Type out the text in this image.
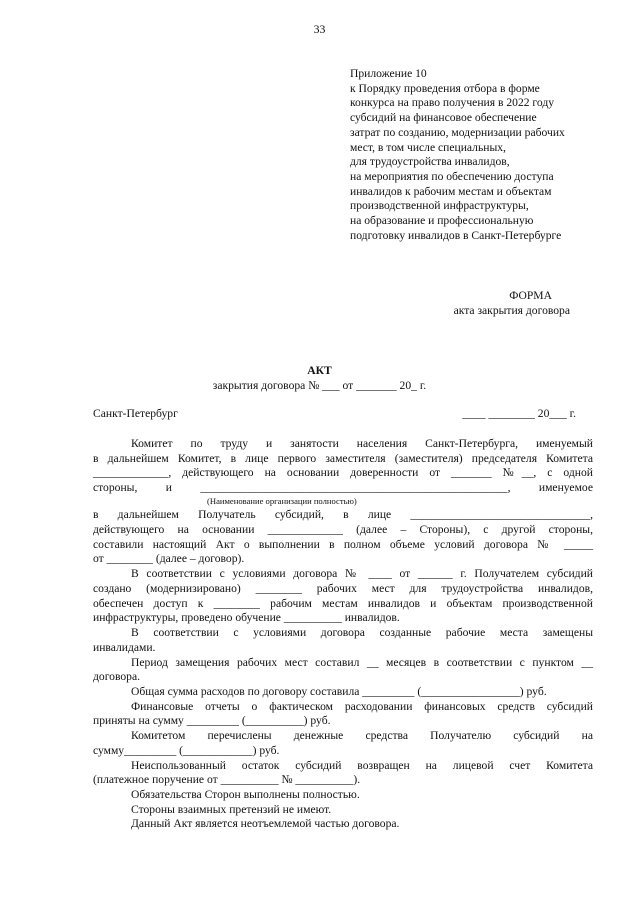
33
Приложение 10
к Порядку проведения отбора в форме
конкурса на право получения в 2022 году
субсидий на финансовое обеспечение
затрат по созданию, модернизации рабочих
мест, в том числе специальных,
для трудоустройства инвалидов,
на мероприятия по обеспечению доступа
инвалидов к рабочим местам и объектам
производственной инфраструктуры,
на образование и профессиональную
подготовку инвалидов в Санкт-Петербурге
ФОРМА
акта закрытия договора
АКТ
закрытия договора № ___ от _______ 20_ г.
Санкт-Петербург	____ ________ 20___ г.

Комитет по труду и занятости населения Санкт-Петербурга, именуемый

в дальнейшем Комитет, в лице первого заместителя (заместителя) председателя Комитета

_____________, действующего на основании доверенности от _______ №__, с одной

стороны, и _____________________________________________________, именуемое

(Наименование организации полностью)

в дальнейшем Получатель субсидий, в лице _______________________________,

действующего на основании _____________ (далее – Стороны), с другой стороны,

составили настоящий Акт о выполнении в полном объеме условий договора № _____

от ________ (далее – договор).

В соответствии с условиями договора № ____ от ______ г. Получателем субсидий

создано (модернизировано) ________ рабочих мест для трудоустройства инвалидов,

обеспечен доступ к ________ рабочим местам инвалидов и объектам производственной

инфраструктуры, проведено обучение __________ инвалидов.

В соответствии с условиями договора созданные рабочие места замещены

инвалидами.

Период замещения рабочих мест составил __ месяцев в соответствии с пунктом __

договора.

Общая сумма расходов по договору составила _________ (_________________) руб.

Финансовые отчеты о фактическом расходовании финансовых средств субсидий

приняты на сумму _________ (__________) руб.

Комитетом перечислены денежные средства Получателю субсидий на

сумму_________ (____________) руб.

Неиспользованный остаток субсидий возвращен на лицевой счет Комитета

(платежное поручение от __________ № __________).

Обязательства Сторон выполнены полностью.

Стороны взаимных претензий не имеют.

Данный Акт является неотъемлемой частью договора.
